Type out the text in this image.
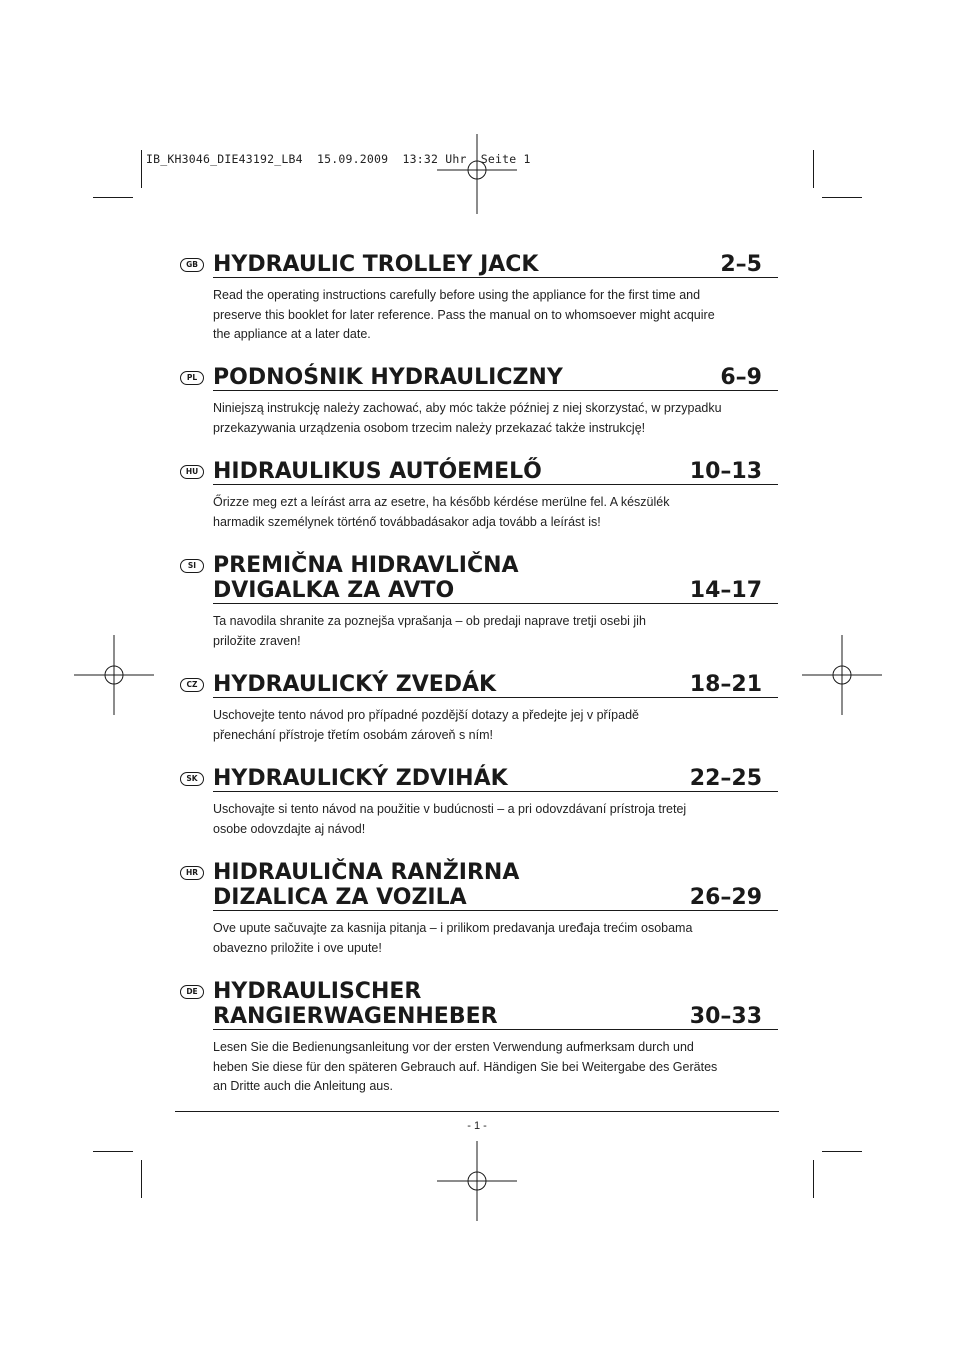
IB_KH3046_DIE43192_LB4  15.09.2009  13:32 Uhr  Seite 1
GB HYDRAULIC TROLLEY JACK	2–5
Read the operating instructions carefully before using the appliance for the first time and preserve this booklet for later reference. Pass the manual on to whomsoever might acquire the appliance at a later date.
PL PODNOŚNIK HYDRAULICZNY	6–9
Niniejszą instrukcję należy zachować, aby móc także później z niej skorzystać, w przypadku przekazywania urządzenia osobom trzecim należy przekazać także instrukcję!
HU HIDRAULIKUS AUTÓEMELŐ	10–13
Őrizze meg ezt a leírást arra az esetre, ha később kérdése merülne fel. A készülék harmadik személynek történő továbbadásakor adja tovább a leírást is!
SI PREMIČNA HIDRAVLIČNA
DVIGALKA ZA AVTO	14–17
Ta navodila shranite za poznejša vprašanja – ob predaji naprave tretji osebi jih priložite zraven!
CZ HYDRAULICKÝ ZVEDÁK	18–21
Uschovejte tento návod pro případné pozdější dotazy a předejte jej v případě přenechání přístroje třetím osobám zároveň s ním!
SK HYDRAULICKÝ ZDVIHÁK	22–25
Uschovajte si tento návod na použitie v budúcnosti – a pri odovzdávaní prístroja tretej osobe odovzdajte aj návod!
HR HIDRAULIČNA RANŽIRNA
DIZALICA ZA VOZILA	26–29
Ove upute sačuvajte za kasnija pitanja – i prilikom predavanja uređaja trećim osobama obavezno priložite i ove upute!
DE HYDRAULISCHER
RANGIERWAGENHEBER	30–33
Lesen Sie die Bedienungsanleitung vor der ersten Verwendung aufmerksam durch und heben Sie diese für den späteren Gebrauch auf. Händigen Sie bei Weitergabe des Gerätes an Dritte auch die Anleitung aus.
- 1 -
